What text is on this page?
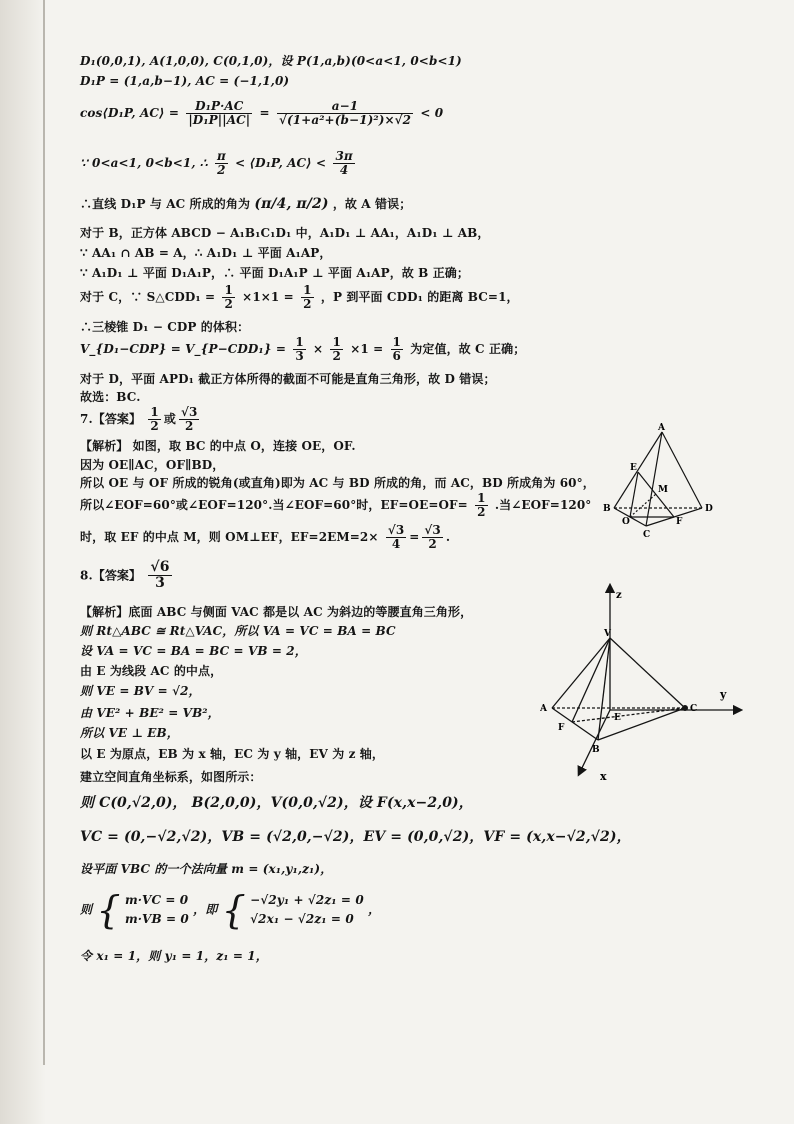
D₁(0,0,1), A(1,0,0), C(0,1,0)，设 P(1,a,b)(0<a<1, 0<b<1)
D₁P = (1,a,b−1), AC = (−1,1,0)
cos⟨D₁P, AC⟩ = $\frac{\text{D₁P·AC}}{\text{|D₁P||AC|}} = \frac{a-1}{\text{√(1+a²+(b−1)²)×√2}} < 0$
∵ 0<a<1, 0<b<1, ∴ $\frac{\pi}{2}$ < ⟨D₁P, AC⟩ < $\frac{3\pi}{4}$
∴直线 D₁P 与 AC 所成的角为 (π/4, π/2) ，故 A 错误；
对于 B，正方体 ABCD − A₁B₁C₁D₁ 中，A₁D₁ ⊥ AA₁，A₁D₁ ⊥ AB，
∵ AA₁ ∩ AB = A，∴ A₁D₁ ⊥ 平面 A₁AP，
∵ A₁D₁ ⊥ 平面 D₁A₁P，∴ 平面 D₁A₁P ⊥ 平面 A₁AP，故 B 正确；
对于 C，∵ S△CDD₁ = $\frac{1}{2} \times 1\times 1 = \frac{1}{2}$ ，P 到平面 CDD₁ 的距离 BC=1，
∴三棱锥 D₁ − CDP 的体积：
V_{D₁−CDP} = V_{P−CDD₁} = $\frac{1}{3} \times \frac{1}{2} \times 1 = \frac{1}{6}$ 为定值，故 C 正确；
对于 D，平面 APD₁ 截正方体所得的截面不可能是直角三角形，故 D 错误；
故选：BC.
7.【答案】 $\frac{1}{2}$ 或 $\frac{√3}{2}$
【解析】 如图，取 BC 的中点 O，连接 OE，OF.
因为 OE∥AC，OF∥BD，
所以 OE 与 OF 所成的锐角(或直角)即为 AC 与 BD 所成的角，而 AC，BD 所成角为 60°，
所以∠EOF=60°或∠EOF=120°.当∠EOF=60°时，$EF=OE=OF= \frac{1}{2}$ .当∠EOF=120°
时，取 EF 的中点 M，则 OM⊥EF，$EF=2EM=2\times \frac{√3}{4} = \frac{√3}{2}$ .
8.【答案】 $\frac{√6}{3}$
【解析】底面 ABC 与侧面 VAC 都是以 AC 为斜边的等腰直角三角形，
则 Rt△ABC ≅ Rt△VAC，所以 VA = VC = BA = BC
设 VA = VC = BA = BC = VB = 2，
由 E 为线段 AC 的中点，
则 VE = BV = √2，
由 VE² + BE² = VB²，
所以 VE ⊥ EB，
以 E 为原点，EB 为 x 轴，EC 为 y 轴，EV 为 z 轴，
建立空间直角坐标系，如图所示：
则 C(0,√2,0)， B(2,0,0)，V(0,0,√2)，设 F(x,x−2,0)，
VC = (0,−√2,√2)，VB = (√2,0,−√2)，EV = (0,0,√2)，VF = (x,x−√2,√2)，
设平面 VBC 的一个法向量 m = (x₁,y₁,z₁)，
则 { m·VC = 0
m·VB = 0
，即 { −√2y₁ + √2z₁ = 0
√2x₁ − √2z₁ = 0
，
令 x₁ = 1，则 y₁ = 1，z₁ = 1，
A
B
C
D
E
F
M
O
z
y
x
V
A
F
E
C
B
